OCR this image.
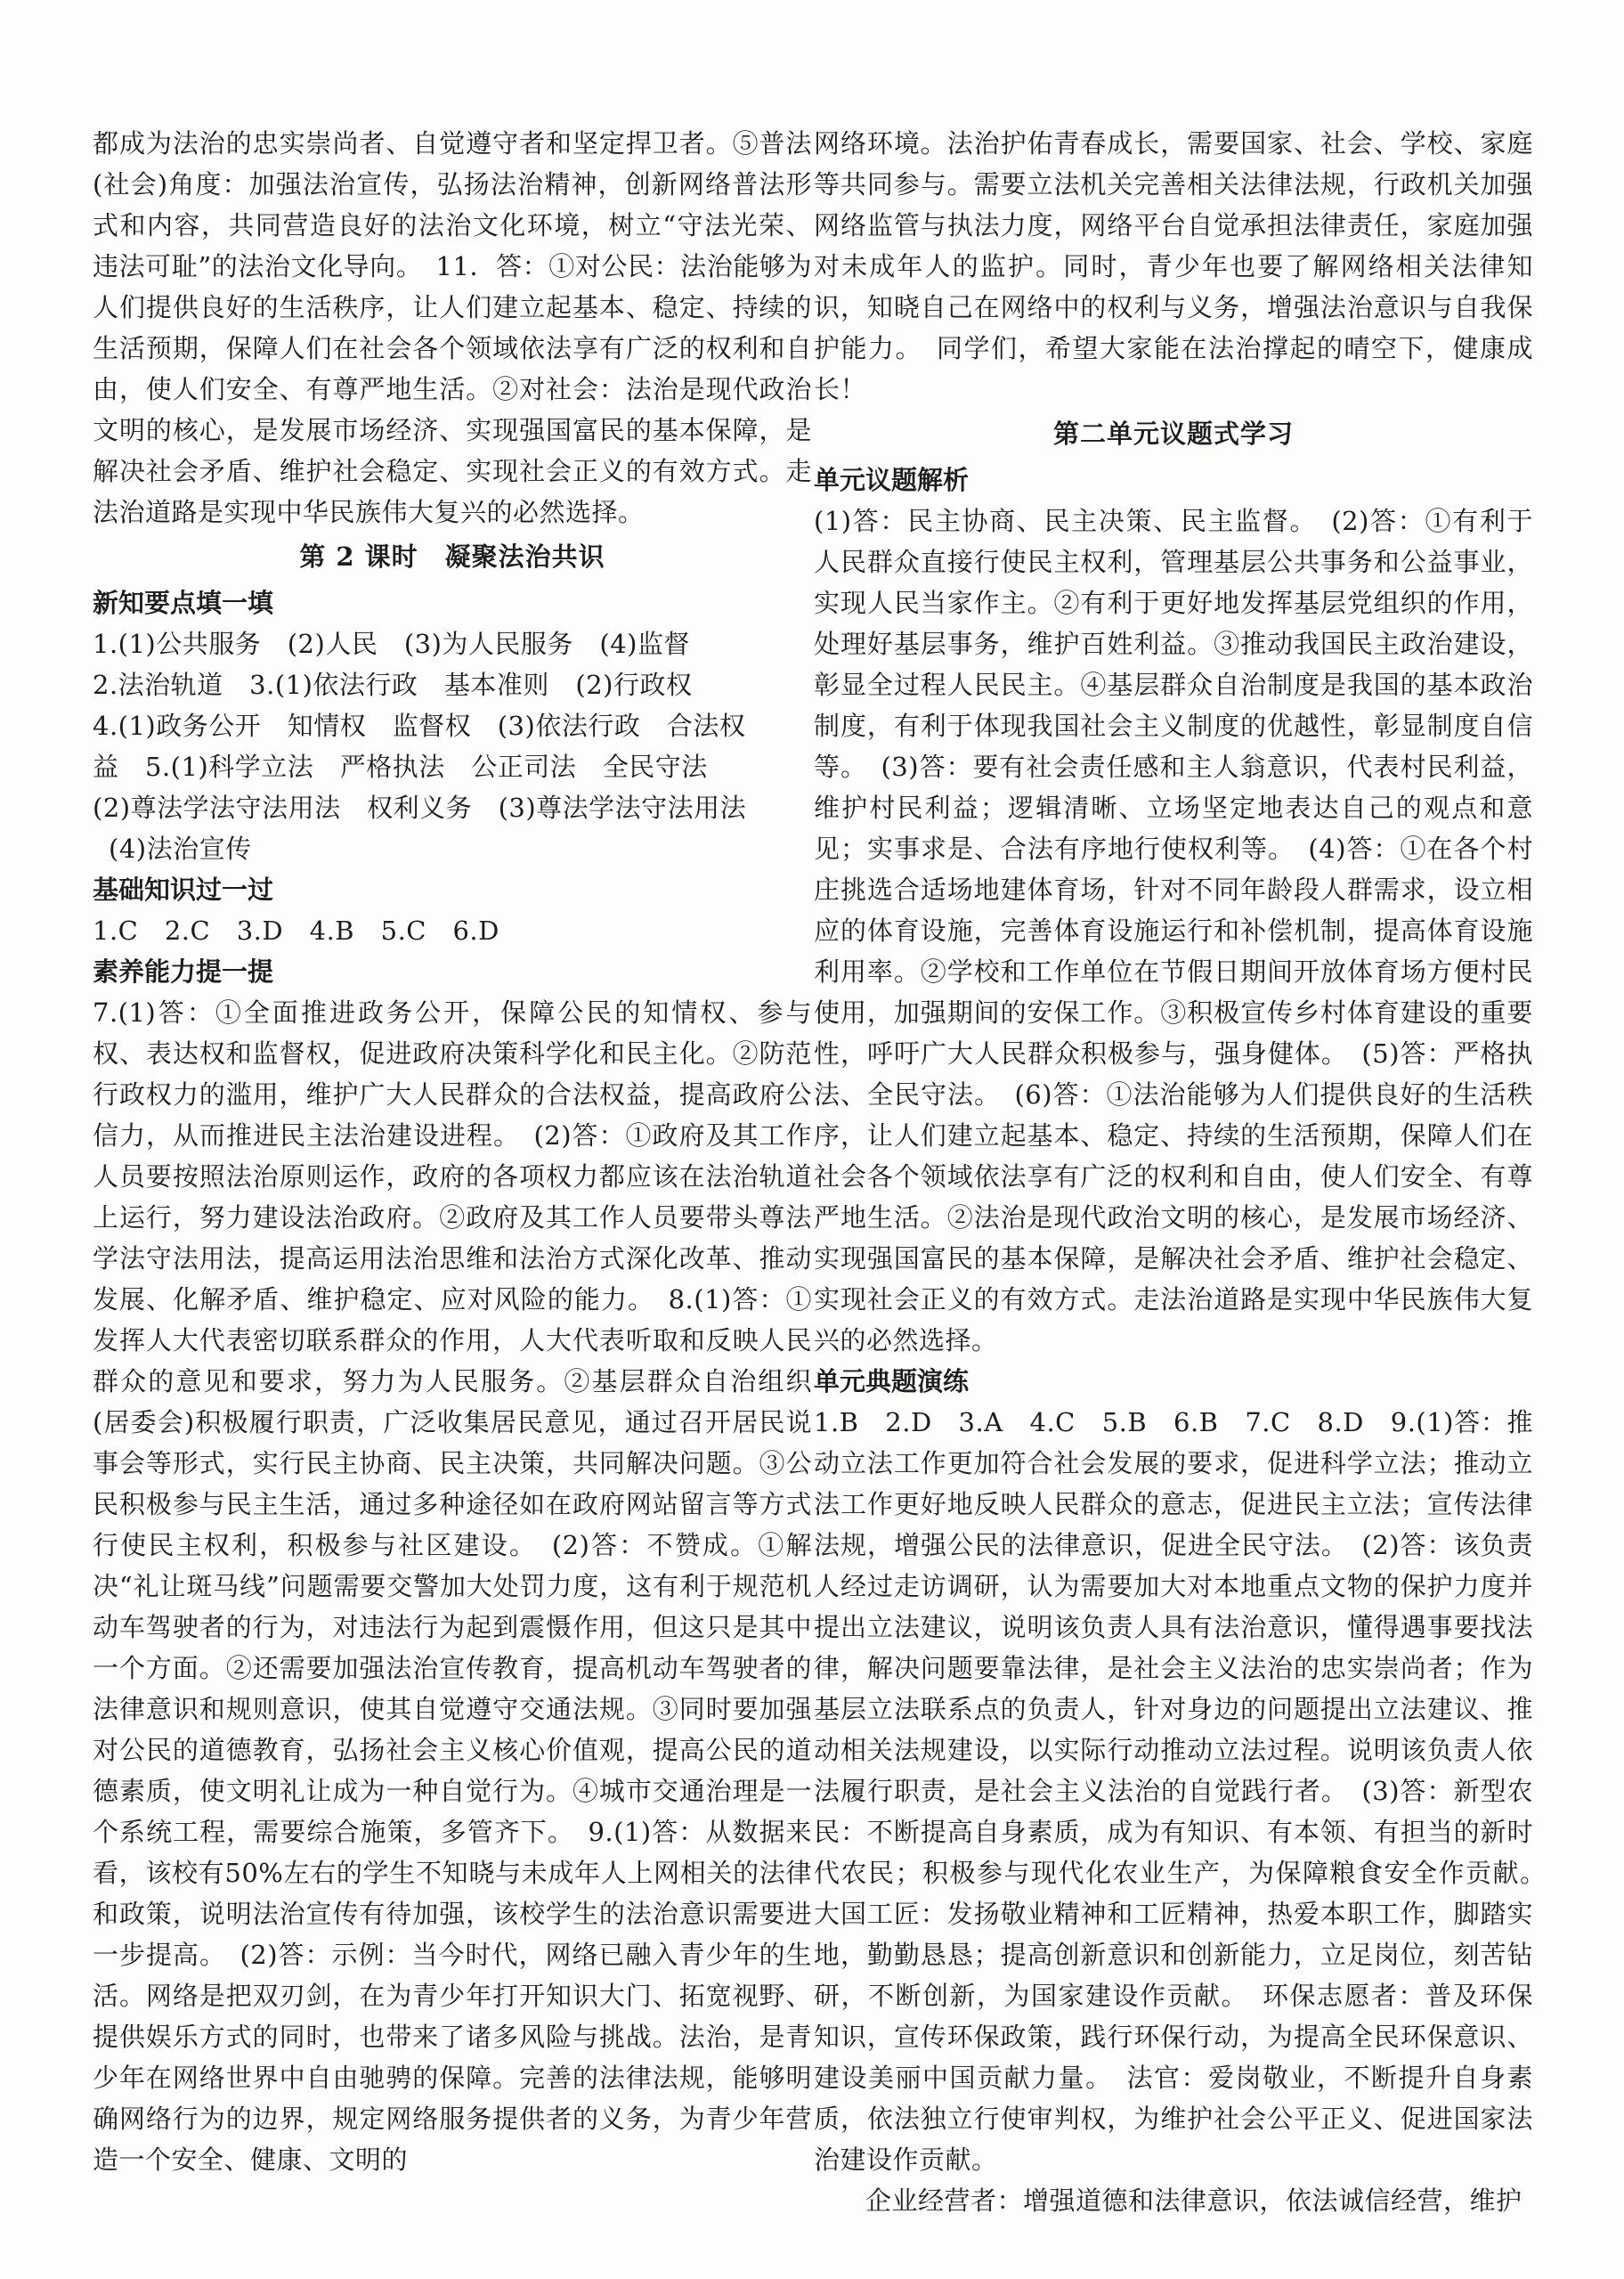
都成为法治的忠实崇尚者、自觉遵守者和坚定捍卫者。⑤普法(社会)角度：加强法治宣传，弘扬法治精神，创新网络普法形式和内容，共同营造良好的法治文化环境，树立“守法光荣、违法可耻”的法治文化导向。　11．答：①对公民：法治能够为人们提供良好的生活秩序，让人们建立起基本、稳定、持续的生活预期，保障人们在社会各个领域依法享有广泛的权利和自由，使人们安全、有尊严地生活。②对社会：法治是现代政治文明的核心，是发展市场经济、实现强国富民的基本保障，是解决社会矛盾、维护社会稳定、实现社会正义的有效方式。走法治道路是实现中华民族伟大复兴的必然选择。

第 2 课时　凝聚法治共识
新知要点填一填
1.(1)公共服务　(2)人民　(3)为人民服务　(4)监督
2.法治轨道　3.(1)依法行政　基本准则　(2)行政权
4.(1)政务公开　知情权　监督权　(3)依法行政　合法权
益　5.(1)科学立法　严格执法　公正司法　全民守法
(2)尊法学法守法用法　权利义务　(3)尊法学法守法用法
(4)法治宣传
基础知识过一过
1.C　2.C　3.D　4.B　5.C　6.D
素养能力提一提

7.(1)答：①全面推进政务公开，保障公民的知情权、参与权、表达权和监督权，促进政府决策科学化和民主化。②防范行政权力的滥用，维护广大人民群众的合法权益，提高政府公信力，从而推进民主法治建设进程。　(2)答：①政府及其工作人员要按照法治原则运作，政府的各项权力都应该在法治轨道上运行，努力建设法治政府。②政府及其工作人员要带头尊法学法守法用法，提高运用法治思维和法治方式深化改革、推动发展、化解矛盾、维护稳定、应对风险的能力。　8.(1)答：①发挥人大代表密切联系群众的作用，人大代表听取和反映人民群众的意见和要求，努力为人民服务。②基层群众自治组织(居委会)积极履行职责，广泛收集居民意见，通过召开居民说事会等形式，实行民主协商、民主决策，共同解决问题。③公民积极参与民主生活，通过多种途径如在政府网站留言等方式行使民主权利，积极参与社区建设。　(2)答：不赞成。①解决“礼让斑马线”问题需要交警加大处罚力度，这有利于规范机动车驾驶者的行为，对违法行为起到震慑作用，但这只是其中一个方面。②还需要加强法治宣传教育，提高机动车驾驶者的法律意识和规则意识，使其自觉遵守交通法规。③同时要加强对公民的道德教育，弘扬社会主义核心价值观，提高公民的道德素质，使文明礼让成为一种自觉行为。④城市交通治理是一个系统工程，需要综合施策，多管齐下。　9.(1)答：从数据来看，该校有50%左右的学生不知晓与未成年人上网相关的法律和政策，说明法治宣传有待加强，该校学生的法治意识需要进一步提高。　(2)答：示例：当今时代，网络已融入青少年的生活。网络是把双刃剑，在为青少年打开知识大门、拓宽视野、提供娱乐方式的同时，也带来了诸多风险与挑战。法治，是青少年在网络世界中自由驰骋的保障。完善的法律法规，能够明确网络行为的边界，规定网络服务提供者的义务，为青少年营造一个安全、健康、文明的

网络环境。法治护佑青春成长，需要国家、社会、学校、家庭等共同参与。需要立法机关完善相关法律法规，行政机关加强网络监管与执法力度，网络平台自觉承担法律责任，家庭加强对未成年人的监护。同时，青少年也要了解网络相关法律知识，知晓自己在网络中的权利与义务，增强法治意识与自我保护能力。　同学们，希望大家能在法治撑起的晴空下，健康成长！

第二单元议题式学习
单元议题解析

(1)答：民主协商、民主决策、民主监督。　(2)答：①有利于人民群众直接行使民主权利，管理基层公共事务和公益事业，实现人民当家作主。②有利于更好地发挥基层党组织的作用，处理好基层事务，维护百姓利益。③推动我国民主政治建设，彰显全过程人民民主。④基层群众自治制度是我国的基本政治制度，有利于体现我国社会主义制度的优越性，彰显制度自信等。　(3)答：要有社会责任感和主人翁意识，代表村民利益，维护村民利益；逻辑清晰、立场坚定地表达自己的观点和意见；实事求是、合法有序地行使权利等。　(4)答：①在各个村庄挑选合适场地建体育场，针对不同年龄段人群需求，设立相应的体育设施，完善体育设施运行和补偿机制，提高体育设施利用率。②学校和工作单位在节假日期间开放体育场方便村民使用，加强期间的安保工作。③积极宣传乡村体育建设的重要性，呼吁广大人民群众积极参与，强身健体。　(5)答：严格执法、全民守法。　(6)答：①法治能够为人们提供良好的生活秩序，让人们建立起基本、稳定、持续的生活预期，保障人们在社会各个领域依法享有广泛的权利和自由，使人们安全、有尊严地生活。②法治是现代政治文明的核心，是发展市场经济、实现强国富民的基本保障，是解决社会矛盾、维护社会稳定、实现社会正义的有效方式。走法治道路是实现中华民族伟大复兴的必然选择。

单元典题演练

1.B　2.D　3.A　4.C　5.B　6.B　7.C　8.D　9.(1)答：推动立法工作更加符合社会发展的要求，促进科学立法；推动立法工作更好地反映人民群众的意志，促进民主立法；宣传法律法规，增强公民的法律意识，促进全民守法。　(2)答：该负责人经过走访调研，认为需要加大对本地重点文物的保护力度并提出立法建议，说明该负责人具有法治意识，懂得遇事要找法律，解决问题要靠法律，是社会主义法治的忠实崇尚者；作为基层立法联系点的负责人，针对身边的问题提出立法建议、推动相关法规建设，以实际行动推动立法过程。说明该负责人依法履行职责，是社会主义法治的自觉践行者。　(3)答：新型农民：不断提高自身素质，成为有知识、有本领、有担当的新时代农民；积极参与现代化农业生产，为保障粮食安全作贡献。　大国工匠：发扬敬业精神和工匠精神，热爱本职工作，脚踏实地，勤勤恳恳；提高创新意识和创新能力，立足岗位，刻苦钻研，不断创新，为国家建设作贡献。　环保志愿者：普及环保知识，宣传环保政策，践行环保行动，为提高全民环保意识、建设美丽中国贡献力量。　法官：爱岗敬业，不断提升自身素质，依法独立行使审判权，为维护社会公平正义、促进国家法治建设作贡献。

企业经营者：增强道德和法律意识，依法诚信经营，维护
